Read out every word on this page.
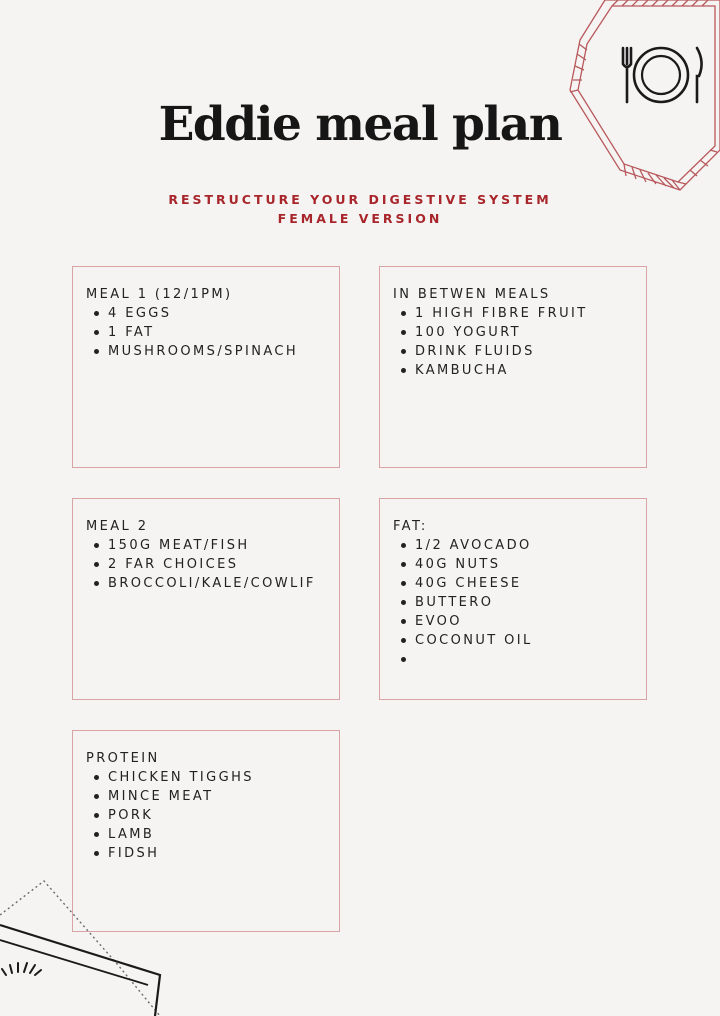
Eddie meal plan
RESTRUCTURE YOUR DIGESTIVE SYSTEM
FEMALE VERSION
MEAL 1 (12/1PM)
4 EGGS
1 FAT
MUSHROOMS/SPINACH
IN BETWEN MEALS
1 HIGH FIBRE FRUIT
100 YOGURT
DRINK FLUIDS
KAMBUCHA
MEAL 2
150G MEAT/FISH
2 FAR CHOICES
BROCCOLI/KALE/COWLIF
FAT:
1/2 AVOCADO
40G NUTS
40G CHEESE
BUTTERO
EVOO
COCONUT OIL
PROTEIN
CHICKEN TIGGHS
MINCE MEAT
PORK
LAMB
FIDSH
